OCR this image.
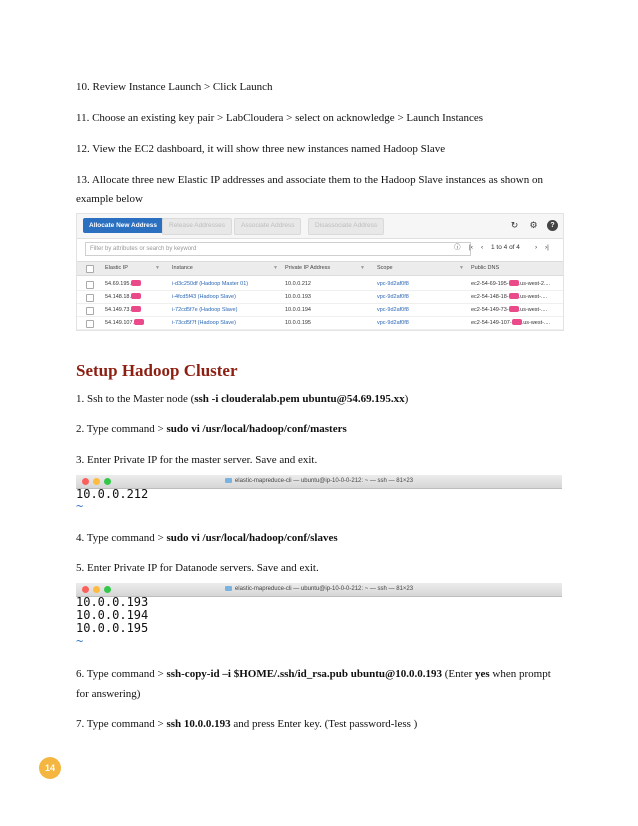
10. Review Instance Launch > Click Launch
11. Choose an existing key pair > LabCloudera > select on acknowledge > Launch Instances
12. View the EC2 dashboard, it will show three new instances named Hadoop Slave
13. Allocate three new Elastic IP addresses and associate them to the Hadoop Slave instances as shown on
example below
Allocate New Address	Release Addresses	Associate Address	Disassociate Address	↻ ⚙	?
Filter by attributes or search by keyword	ⓘ |‹ ‹ 1 to 4 of 4 › ›|
Elastic IP	▼ Instance	▼ Private IP Address	▼ Scope	▼ Public DNS
54.69.195.	i-d3c250df (Hadoop Master 01)	10.0.0.212	vpc-9d2af0f8	ec2-54-69-195- .us-west-2....
54.148.18.	i-4fcd5f43 (Hadoop Slave)	10.0.0.193	vpc-9d2af0f8	ec2-54-148-18- .us-west-....
54.149.73.	i-72cd5f7e (Hadoop Slave)	10.0.0.194	vpc-9d2af0f8	ec2-54-149-73- .us-west-....
54.149.107.	i-73cd5f7f (Hadoop Slave)	10.0.0.195	vpc-9d2af0f8	ec2-54-149-107- .us-west-....
Setup Hadoop Cluster
1. Ssh to the Master node (ssh -i clouderalab.pem ubuntu@54.69.195.xx)
2. Type command > sudo vi /usr/local/hadoop/conf/masters
3. Enter Private IP for the master server. Save and exit.
elastic-mapreduce-cli — ubuntu@ip-10-0-0-212: ~ — ssh — 81×23
10.0.0.212
~
4. Type command > sudo vi /usr/local/hadoop/conf/slaves
5. Enter Private IP for Datanode servers. Save and exit.
elastic-mapreduce-cli — ubuntu@ip-10-0-0-212: ~ — ssh — 81×23
10.0.0.193
10.0.0.194
10.0.0.195
~
6. Type command > ssh-copy-id –i $HOME/.ssh/id_rsa.pub ubuntu@10.0.0.193 (Enter yes when prompt
for answering)
7. Type command > ssh 10.0.0.193 and press Enter key. (Test password-less )
14
